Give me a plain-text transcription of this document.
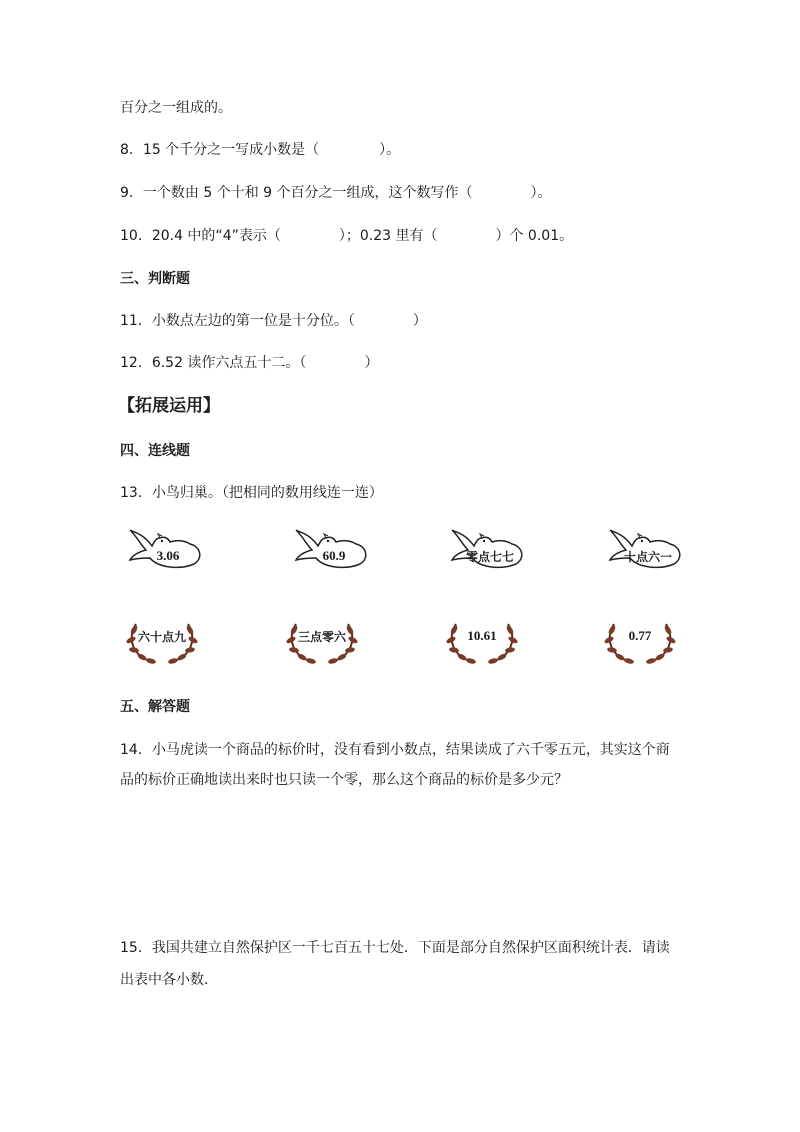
百分之一组成的。
8．15 个千分之一写成小数是（	）。
9．一个数由 5 个十和 9 个百分之一组成，这个数写作（	）。
10．20.4 中的“4”表示（	）；0.23 里有（	）个 0.01。
三、判断题
11．小数点左边的第一位是十分位。（	）
12．6.52 读作六点五十二。（	）
【拓展运用】
四、连线题
13．小鸟归巢。（把相同的数用线连一连）
3.06	60.9	零点七七	十点六一
六十点九	三点零六	10.61	0.77
五、解答题
14．小马虎读一个商品的标价时，没有看到小数点，结果读成了六千零五元，其实这个商
品的标价正确地读出来时也只读一个零，那么这个商品的标价是多少元？
15．我国共建立自然保护区一千七百五十七处．下面是部分自然保护区面积统计表．请读
出表中各小数．
